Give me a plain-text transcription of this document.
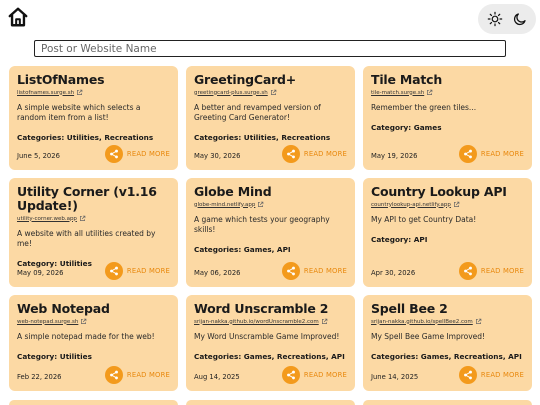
Post or Website Name
ListOfNames
listofnames.surge.sh
A simple website which selects a random item from a list!
Categories: Utilities, Recreations
June 5, 2026	READ MORE
GreetingCard+
greetingcard-plus.surge.sh
A better and revamped version of Greeting Card Generator!
Categories: Utilities, Recreations
May 30, 2026	READ MORE
Tile Match
tile-match.surge.sh
Remember the green tiles...
Category: Games
May 19, 2026	READ MORE
Utility Corner (v1.16 Update!)
utility-corner.web.app
A website with all utilities created by me!
Category: Utilities
May 09, 2026	READ MORE
Globe Mind
globe-mind.netlify.app
A game which tests your geography skills!
Categories: Games, API
May 06, 2026	READ MORE
Country Lookup API
countrylookup-api.netlify.app
My API to get Country Data!
Category: API
Apr 30, 2026	READ MORE
Web Notepad
web-notepad.surge.sh
A simple notepad made for the web!
Category: Utilities
Feb 22, 2026	READ MORE
Word Unscramble 2
srijan-nakka.github.io/wordUnscramble2.com
My Word Unscramble Game Improved!
Categories: Games, Recreations, API
Aug 14, 2025	READ MORE
Spell Bee 2
srijan-nakka.github.io/spellBee2.com
My Spell Bee Game Improved!
Categories: Games, Recreations, API
June 14, 2025	READ MORE
